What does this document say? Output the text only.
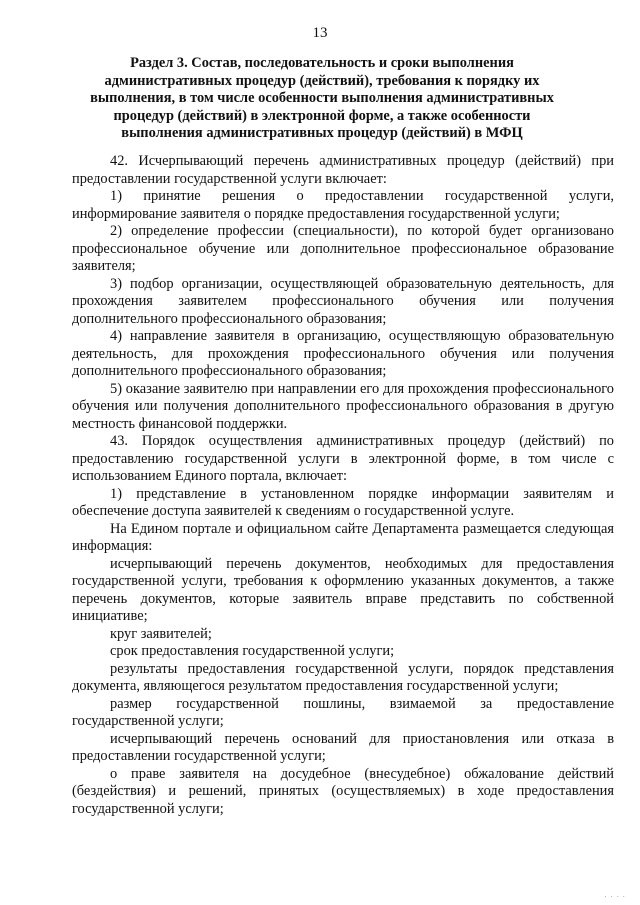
13
Раздел 3. Состав, последовательность и сроки выполнения административных процедур (действий), требования к порядку их выполнения, в том числе особенности выполнения административных процедур (действий) в электронной форме, а также особенности выполнения административных процедур (действий) в МФЦ

42. Исчерпывающий перечень административных процедур (действий) при предоставлении государственной услуги включает:

1) принятие решения о предоставлении государственной услуги, информирование заявителя о порядке предоставления государственной услуги;

2) определение профессии (специальности), по которой будет организовано профессиональное обучение или дополнительное профессиональное образование заявителя;

3) подбор организации, осуществляющей образовательную деятельность, для прохождения заявителем профессионального обучения или получения дополнительного профессионального образования;

4) направление заявителя в организацию, осуществляющую образовательную деятельность, для прохождения профессионального обучения или получения дополнительного профессионального образования;

5) оказание заявителю при направлении его для прохождения профессионального обучения или получения дополнительного профессионального образования в другую местность финансовой поддержки.

43. Порядок осуществления административных процедур (действий) по предоставлению государственной услуги в электронной форме, в том числе с использованием Единого портала, включает:

1) представление в установленном порядке информации заявителям и обеспечение доступа заявителей к сведениям о государственной услуге.

На Едином портале и официальном сайте Департамента размещается следующая информация:

исчерпывающий перечень документов, необходимых для предоставления государственной услуги, требования к оформлению указанных документов, а также перечень документов, которые заявитель вправе представить по собственной инициативе;

круг заявителей;

срок предоставления государственной услуги;

результаты предоставления государственной услуги, порядок представления документа, являющегося результатом предоставления государственной услуги;

размер государственной пошлины, взимаемой за предоставление государственной услуги;

исчерпывающий перечень оснований для приостановления или отказа в предоставлении государственной услуги;

о праве заявителя на досудебное (внесудебное) обжалование действий (бездействия) и решений, принятых (осуществляемых) в ходе предоставления государственной услуги;

· · · ·
